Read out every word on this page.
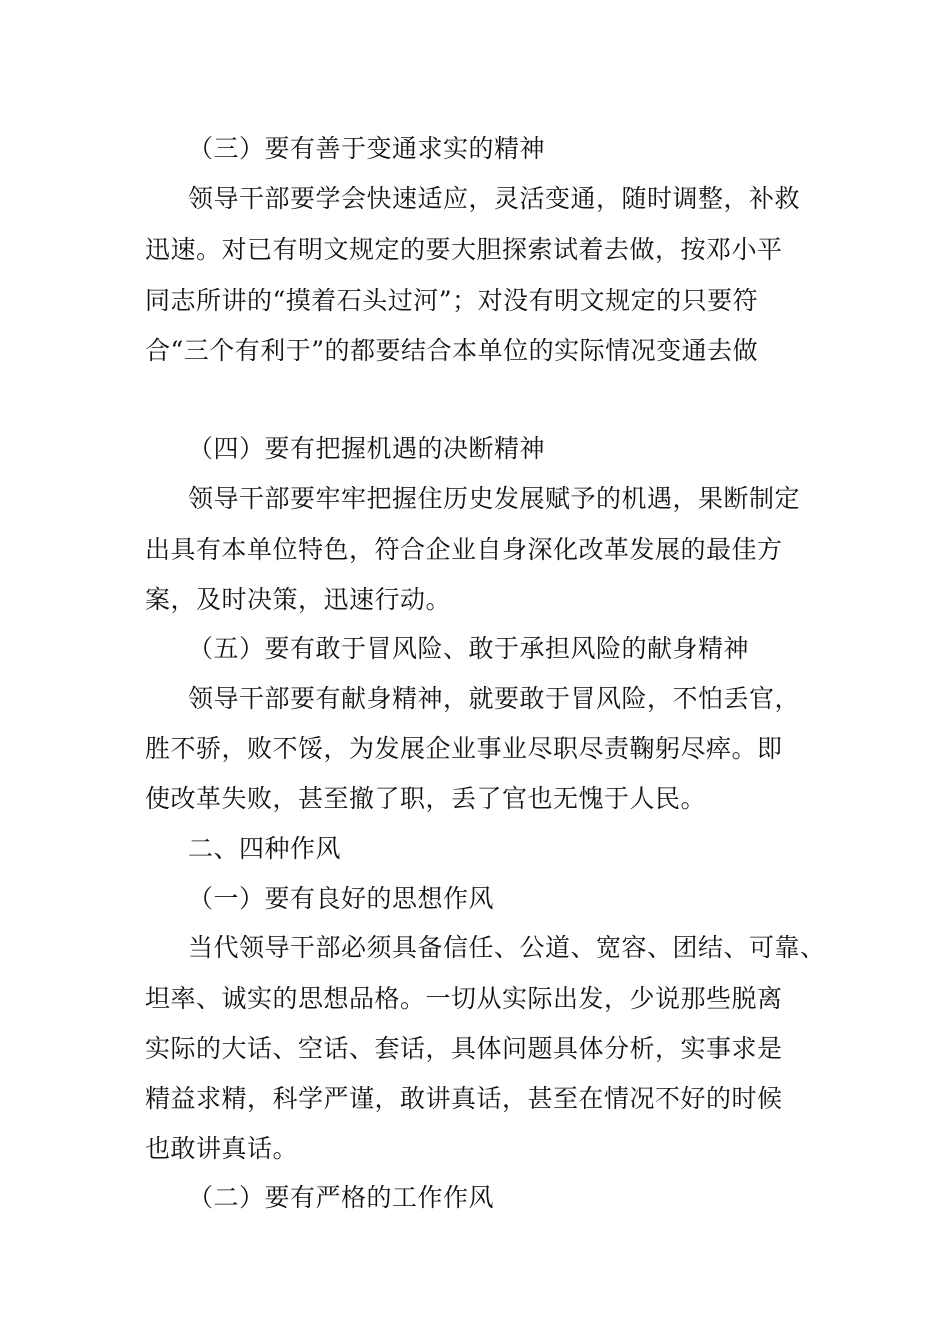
（三）要有善于变通求实的精神
领导干部要学会快速适应，灵活变通，随时调整，补救
迅速。对已有明文规定的要大胆探索试着去做，按邓小平
同志所讲的“摸着石头过河”；对没有明文规定的只要符
合“三个有利于”的都要结合本单位的实际情况变通去做
（四）要有把握机遇的决断精神
领导干部要牢牢把握住历史发展赋予的机遇，果断制定
出具有本单位特色，符合企业自身深化改革发展的最佳方
案，及时决策，迅速行动。
（五）要有敢于冒风险、敢于承担风险的献身精神
领导干部要有献身精神，就要敢于冒风险，不怕丢官，
胜不骄，败不馁，为发展企业事业尽职尽责鞠躬尽瘁。即
使改革失败，甚至撤了职，丢了官也无愧于人民。
二、四种作风
（一）要有良好的思想作风
当代领导干部必须具备信任、公道、宽容、团结、可靠、
坦率、诚实的思想品格。一切从实际出发，少说那些脱离
实际的大话、空话、套话，具体问题具体分析，实事求是
精益求精，科学严谨，敢讲真话，甚至在情况不好的时候
也敢讲真话。
（二）要有严格的工作作风
